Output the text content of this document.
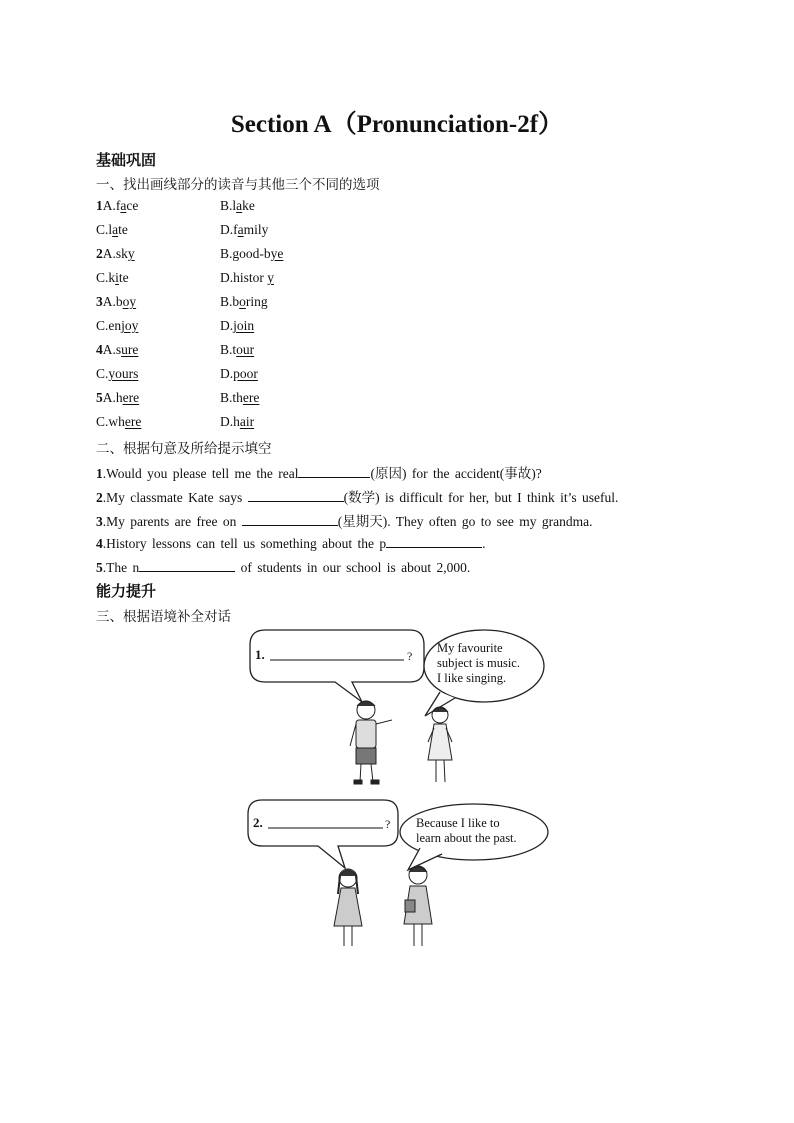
Section A（Pronunciation-2f）
基础巩固
一、找出画线部分的读音与其他三个不同的选项
1A.face	B.lake
C.late	D.family
2A.sky	B.good-bye
C.kite	D.histor y
3A.boy	B.boring
C.enjoy	D.join
4A.sure	B.tour
C.yours	D.poor
5A.here	B.there
C.where	D.hair
二、根据句意及所给提示填空
1.Would you please tell me the real	(原因) for the accident(事故)?
2.My classmate Kate says	(数学) is difficult for her, but I think it’s useful.
3.My parents are free on	(星期天). They often go to see my grandma.
4.History lessons can tell us something about the p	.
5.The n	of students in our school is about 2,000.
能力提升
三、根据语境补全对话
1.	?
My favourite
subject is music.
I like singing.
2.	? Because I like to
learn about the past.
